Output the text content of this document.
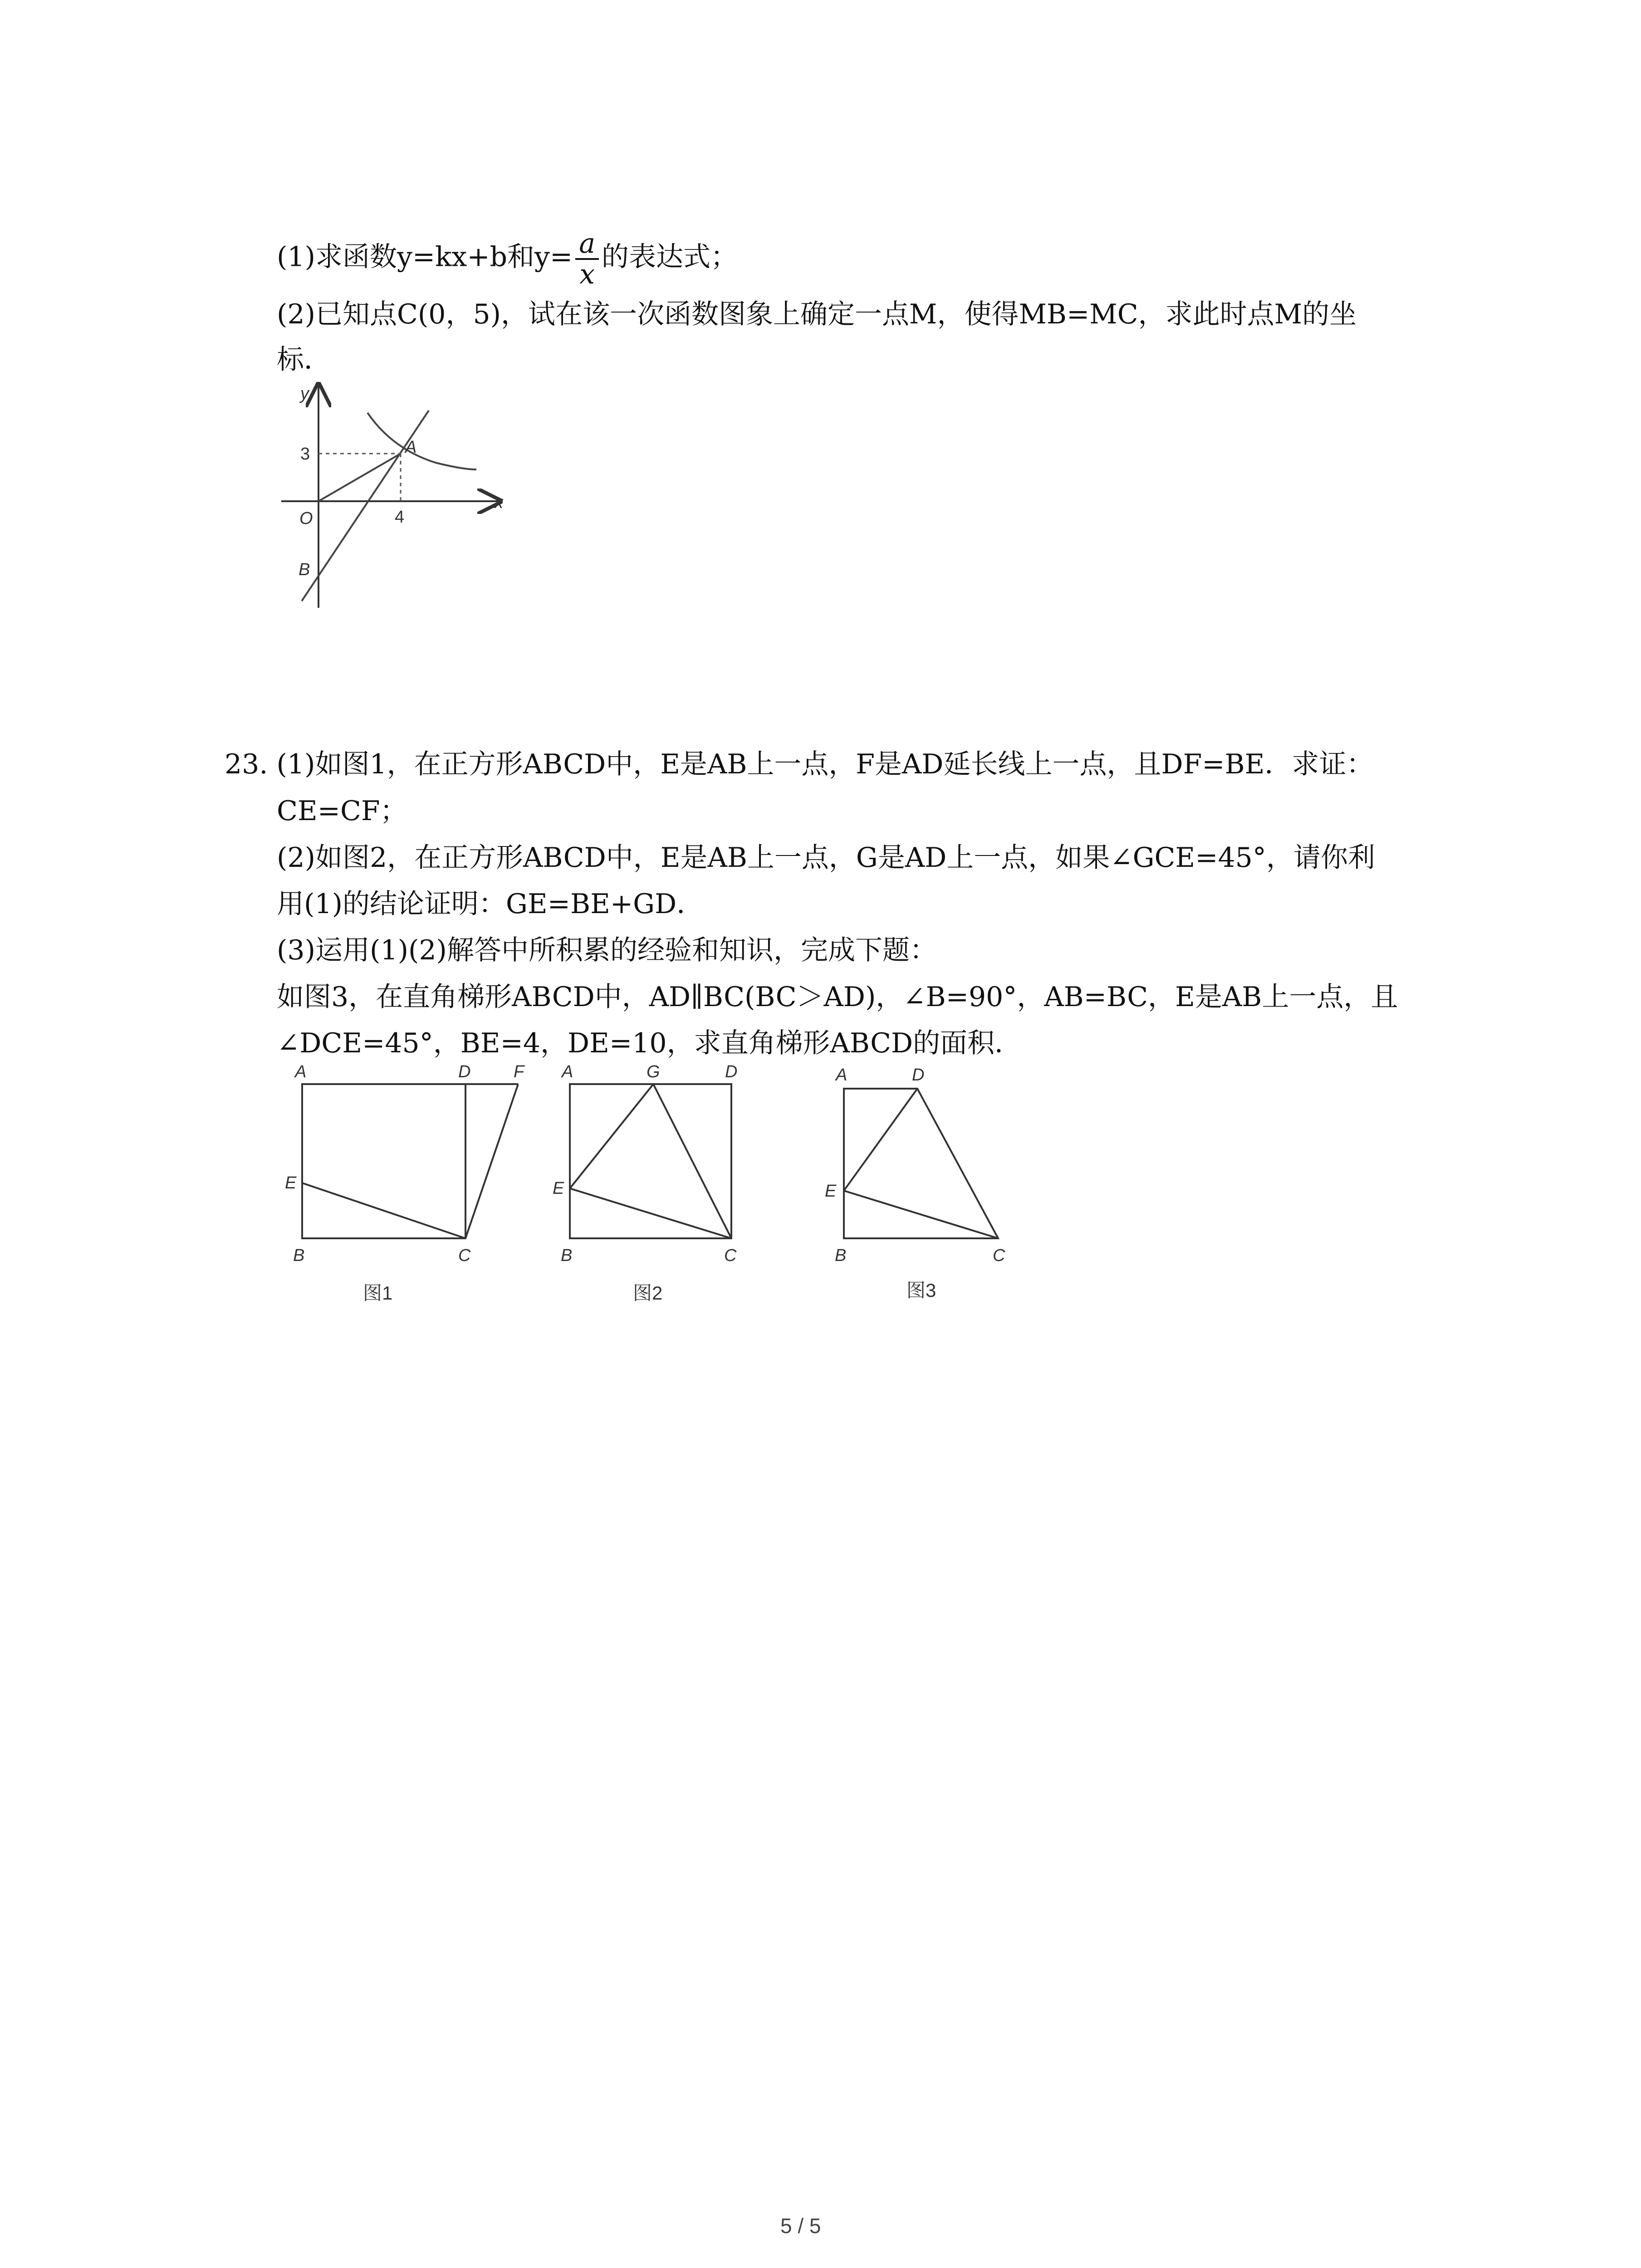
(1)求函数y=kx+b和$y= \frac{a}{x}$ 的表达式；
(2)已知点C(0，5)，试在该一次函数图象上确定一点M，使得MB=MC，求此时点M的坐
标．
y
x
O
A
B
4
3
23. (1)如图1，在正方形ABCD中，E是AB上一点，F是AD延长线上一点，且DF=BE．求证：
CE=CF；
(2)如图2，在正方形ABCD中，E是AB上一点，G是AD上一点，如果∠GCE=45°，请你利
用(1)的结论证明：GE=BE+GD．
(3)运用(1)(2)解答中所积累的经验和知识，完成下题：
如图3，在直角梯形ABCD中，AD∥BC(BC＞AD)，∠B=90°，AB=BC，E是AB上一点，且
∠DCE=45°，BE=4，DE=10，求直角梯形ABCD的面积．
A	D F
E
B	C
图1
A	G	D
E
B	C
图2
A	D
E
B	C
图3
5 / 5
